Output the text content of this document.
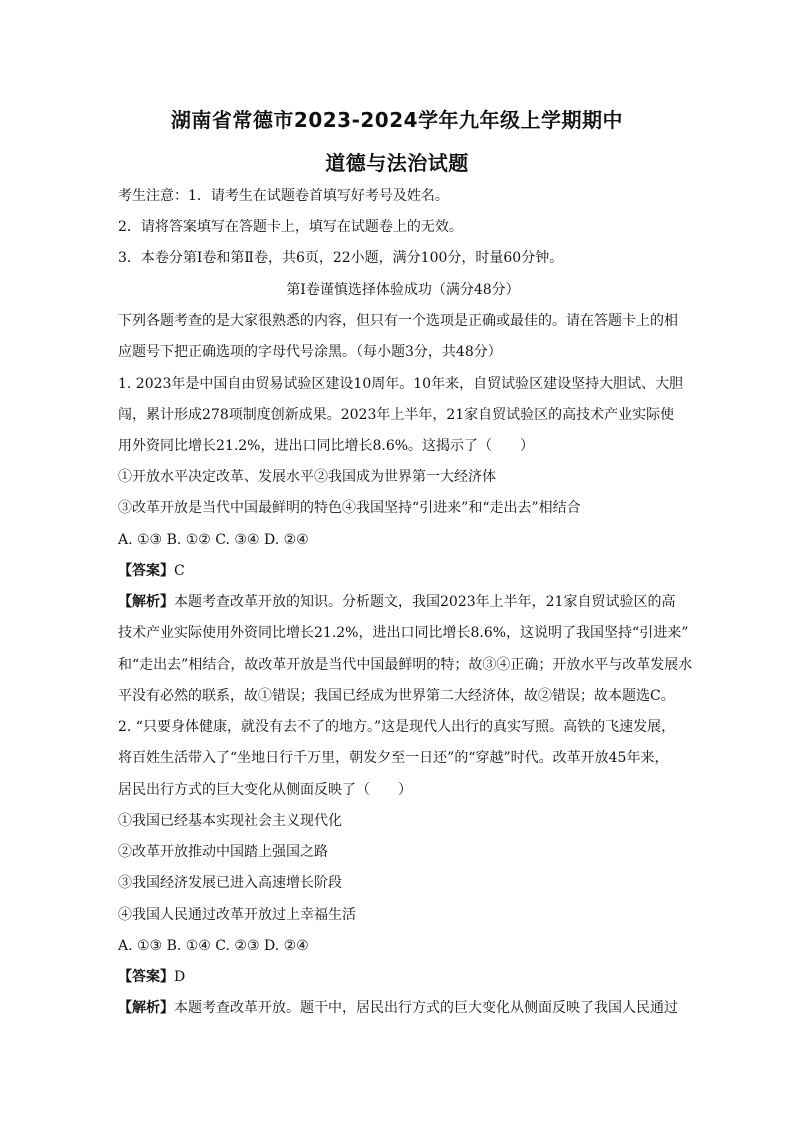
湖南省常德市2023-2024学年九年级上学期期中
道德与法治试题
考生注意：1．请考生在试题卷首填写好考号及姓名。
2．请将答案填写在答题卡上，填写在试题卷上的无效。
3．本卷分第Ⅰ卷和第Ⅱ卷，共6页，22小题，满分100分，时量60分钟。
第Ⅰ卷谨慎选择体验成功（满分48分）
下列各题考查的是大家很熟悉的内容，但只有一个选项是正确或最佳的。请在答题卡上的相
应题号下把正确选项的字母代号涂黑。（每小题3分，共48分）
1. 2023年是中国自由贸易试验区建设10周年。10年来，自贸试验区建设坚持大胆试、大胆
闯，累计形成278项制度创新成果。2023年上半年，21家自贸试验区的高技术产业实际使
用外资同比增长21.2%，进出口同比增长8.6%。这揭示了（　　）
①开放水平决定改革、发展水平②我国成为世界第一大经济体
③改革开放是当代中国最鲜明的特色④我国坚持“引进来”和“走出去”相结合
A. ①③ B. ①② C. ③④ D. ②④
【答案】C
【解析】本题考查改革开放的知识。分析题文，我国2023年上半年，21家自贸试验区的高
技术产业实际使用外资同比增长21.2%，进出口同比增长8.6%，这说明了我国坚持“引进来”
和“走出去”相结合，故改革开放是当代中国最鲜明的特；故③④正确；开放水平与改革发展水
平没有必然的联系，故①错误；我国已经成为世界第二大经济体，故②错误；故本题选C。
2. “只要身体健康，就没有去不了的地方。”这是现代人出行的真实写照。高铁的飞速发展，
将百姓生活带入了“坐地日行千万里，朝发夕至一日还”的“穿越”时代。改革开放45年来，
居民出行方式的巨大变化从侧面反映了（　　）
①我国已经基本实现社会主义现代化
②改革开放推动中国踏上强国之路
③我国经济发展已进入高速增长阶段
④我国人民通过改革开放过上幸福生活
A. ①③ B. ①④ C. ②③ D. ②④
【答案】D
【解析】本题考查改革开放。题干中，居民出行方式的巨大变化从侧面反映了我国人民通过
